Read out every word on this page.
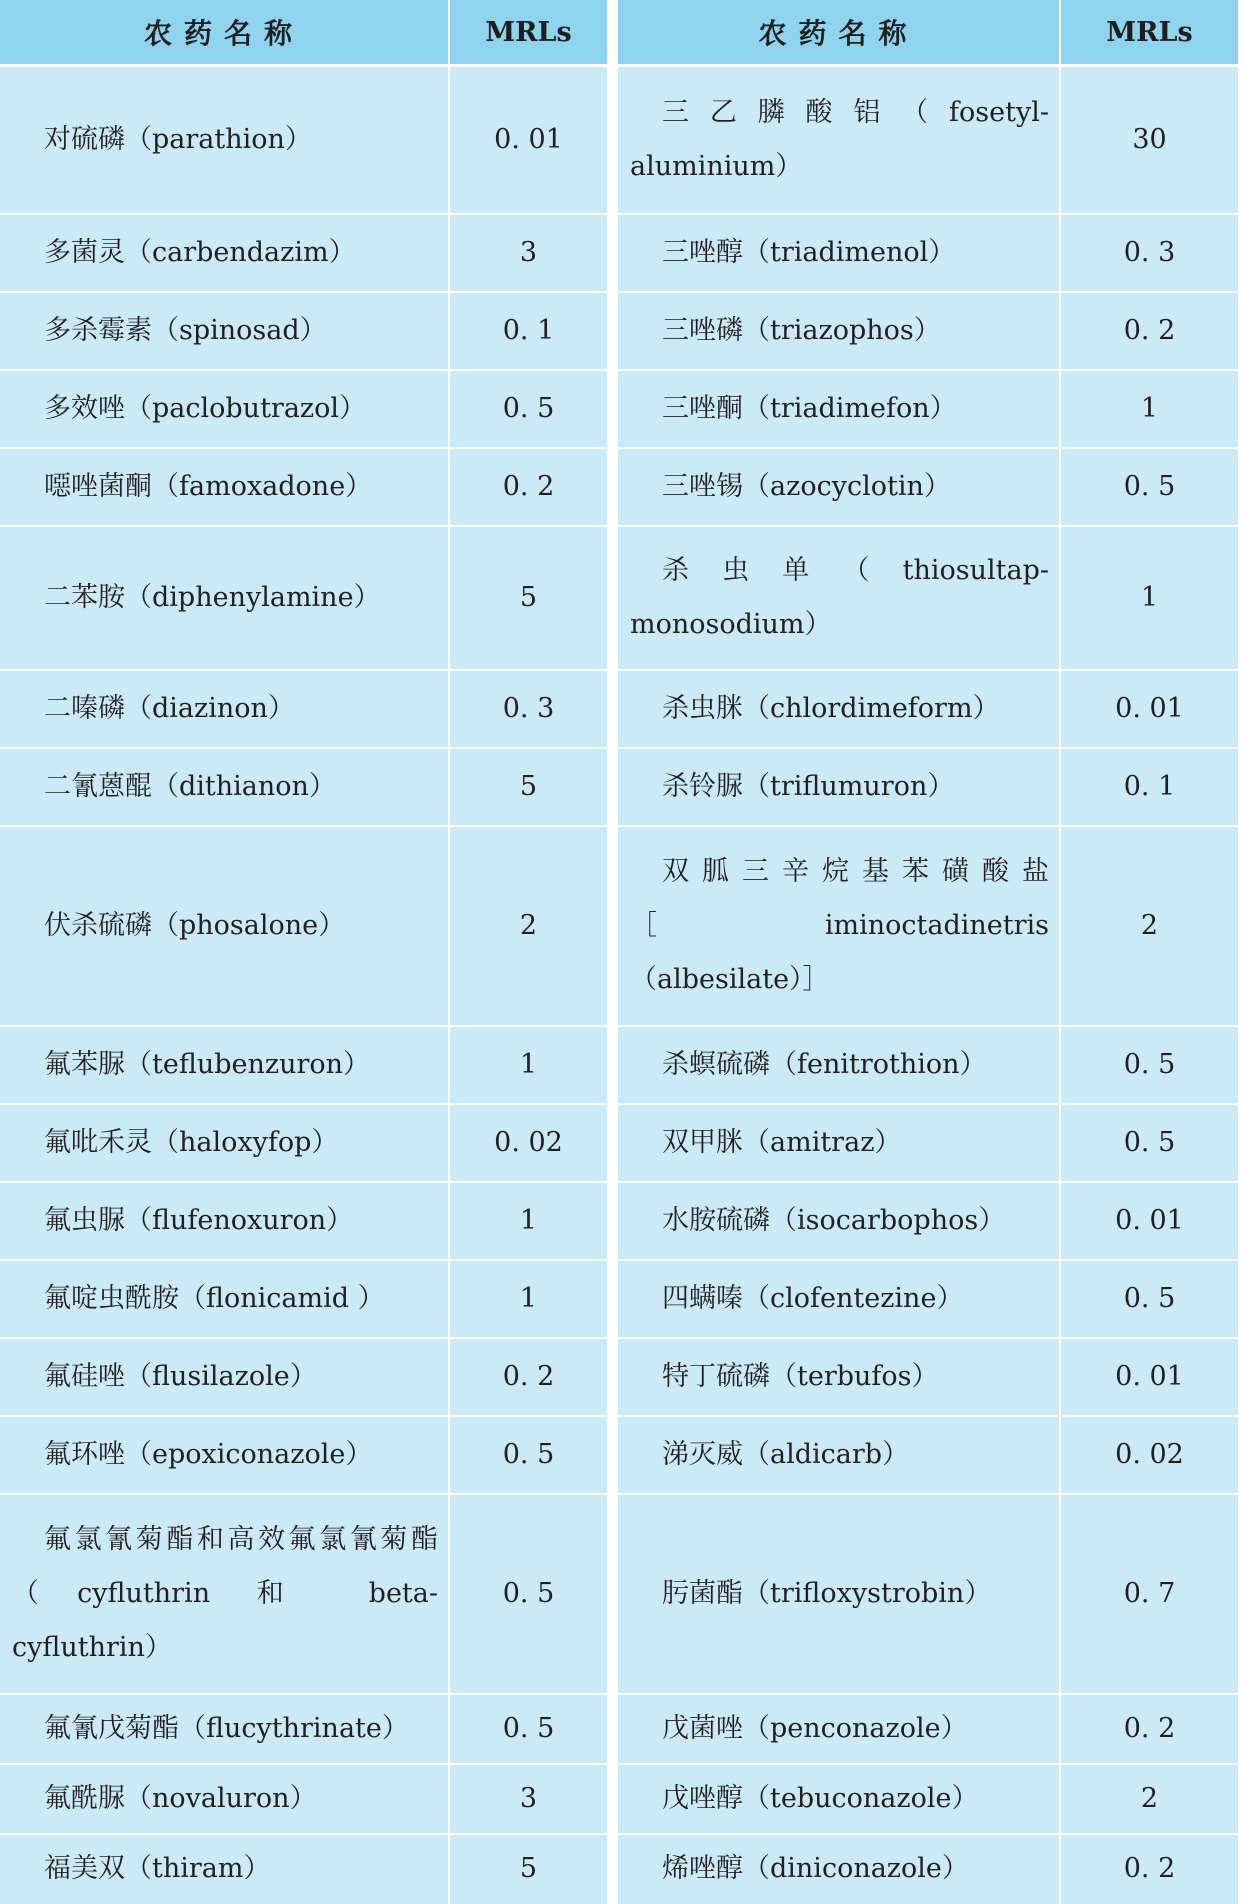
农药名称	MRLs
对硫磷（parathion）	0. 01
多菌灵（carbendazim）	3
多杀霉素（spinosad）	0. 1
多效唑（paclobutrazol）	0. 5
噁唑菌酮（famoxadone）	0. 2
二苯胺（diphenylamine）	5
二嗪磷（diazinon）	0. 3
二氰蒽醌（dithianon）	5
伏杀硫磷（phosalone）	2
氟苯脲（teflubenzuron）	1
氟吡禾灵（haloxyfop）	0. 02
氟虫脲（flufenoxuron）	1
氟啶虫酰胺（flonicamid ）	1
氟硅唑（flusilazole）	0. 2
氟环唑（epoxiconazole）	0. 5
氟氯氰菊酯和高效氟氯氰菊酯（cyfluthrin 和 beta- cyfluthrin）	0. 5
氟氰戊菊酯（flucythrinate）	0. 5
氟酰脲（novaluron）	3
福美双（thiram）	5
农药名称	MRLs
三乙膦酸铝（fosetyl- aluminium）	30
三唑醇（triadimenol）	0. 3
三唑磷（triazophos）	0. 2
三唑酮（triadimefon）	1
三唑锡（azocyclotin）	0. 5
杀虫单（thiosultap- monosodium）	1
杀虫脒（chlordimeform）	0. 01
杀铃脲（triflumuron）	0. 1
双胍三辛烷基苯磺酸盐［iminoctadinetris（albesilate）］	2
杀螟硫磷（fenitrothion）	0. 5
双甲脒（amitraz）	0. 5
水胺硫磷（isocarbophos）	0. 01
四螨嗪（clofentezine）	0. 5
特丁硫磷（terbufos）	0. 01
涕灭威（aldicarb）	0. 02
肟菌酯（trifloxystrobin）	0. 7
戊菌唑（penconazole）	0. 2
戊唑醇（tebuconazole）	2
烯唑醇（diniconazole）	0. 2
